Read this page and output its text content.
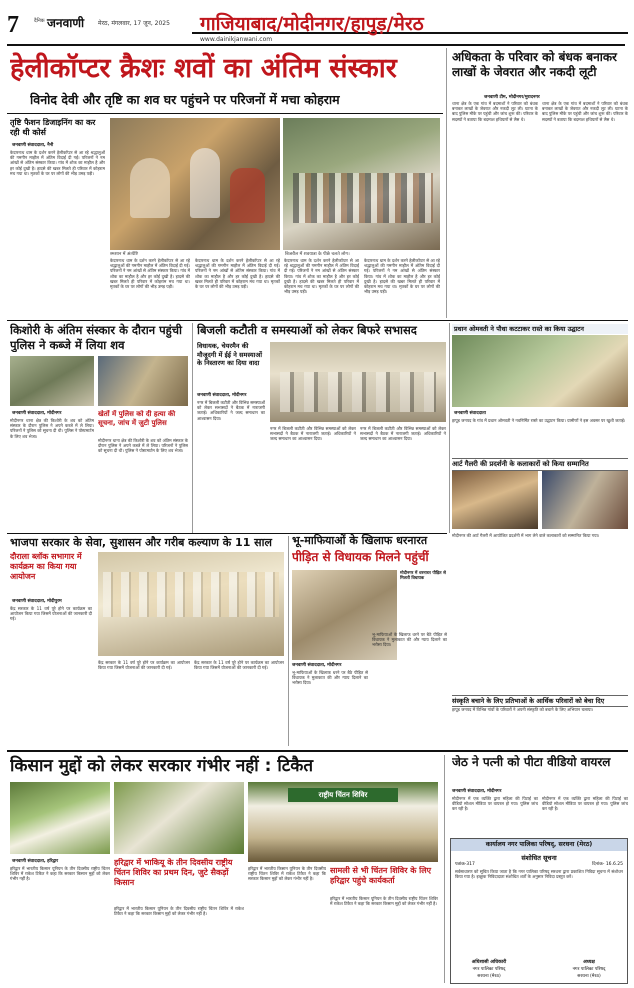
7	दैनिक जनवाणी मेरठ, मंगलवार, 17 जून, 2025 गाजियाबाद/मोदीनगर/हापुड़/मेरठ
www.dainikjanwani.com
हेलीकॉप्टर क्रैशः शवों का अंतिम संस्कार
विनोद देवी और तृष्टि का शव घर पहुंचने पर परिजनों में मचा कोहराम
तृष्टि फैशन डिजाइनिंग का कर रही थी कोर्स
जनवाणी संवाददाता, नैनी
केदारनाथ धाम के दर्शन करने हेलीकॉप्टर से आ रहे श्रद्धालुओं की गमगीन माहौल में अंतिम विदाई दी गई। परिजनों ने नम आंखों से अंतिम संस्कार किया। गांव में शोक का माहौल है और हर कोई दुखी है। हादसे की खबर मिलते ही परिवार में कोहराम मच गया था। मृतकों के घर पर लोगों की भीड़ उमड़ पड़ी।
श्मशान में अंत्येष्टि	बिजरौल में शवयात्रा के पीछे चलते लोग।
केदारनाथ धाम के दर्शन करने हेलीकॉप्टर से आ रहे श्रद्धालुओं की गमगीन माहौल में अंतिम विदाई दी गई। परिजनों ने नम आंखों से अंतिम संस्कार किया। गांव में शोक का माहौल है और हर कोई दुखी है। हादसे की खबर मिलते ही परिवार में कोहराम मच गया था। मृतकों के घर पर लोगों की भीड़ उमड़ पड़ी।
केदारनाथ धाम के दर्शन करने हेलीकॉप्टर से आ रहे श्रद्धालुओं की गमगीन माहौल में अंतिम विदाई दी गई। परिजनों ने नम आंखों से अंतिम संस्कार किया। गांव में शोक का माहौल है और हर कोई दुखी है। हादसे की खबर मिलते ही परिवार में कोहराम मच गया था। मृतकों के घर पर लोगों की भीड़ उमड़ पड़ी।
केदारनाथ धाम के दर्शन करने हेलीकॉप्टर से आ रहे श्रद्धालुओं की गमगीन माहौल में अंतिम विदाई दी गई। परिजनों ने नम आंखों से अंतिम संस्कार किया। गांव में शोक का माहौल है और हर कोई दुखी है। हादसे की खबर मिलते ही परिवार में कोहराम मच गया था। मृतकों के घर पर लोगों की भीड़ उमड़ पड़ी।
केदारनाथ धाम के दर्शन करने हेलीकॉप्टर से आ रहे श्रद्धालुओं की गमगीन माहौल में अंतिम विदाई दी गई। परिजनों ने नम आंखों से अंतिम संस्कार किया। गांव में शोक का माहौल है और हर कोई दुखी है। हादसे की खबर मिलते ही परिवार में कोहराम मच गया था। मृतकों के घर पर लोगों की भीड़ उमड़ पड़ी।
अधिकता के परिवार को बंधक बनाकर लाखों के जेवरात और नकदी लूटी
जनवाणी टीम, मोदीनगर/मुरादनगर
थाना क्षेत्र के एक गांव में बदमाशों ने परिवार को बंधक बनाकर लाखों के जेवरात और नकदी लूट ली। घटना के बाद पुलिस मौके पर पहुंची और जांच शुरू की। परिवार के सदस्यों ने बताया कि बदमाश हथियारों से लैस थे।
थाना क्षेत्र के एक गांव में बदमाशों ने परिवार को बंधक बनाकर लाखों के जेवरात और नकदी लूट ली। घटना के बाद पुलिस मौके पर पहुंची और जांच शुरू की। परिवार के सदस्यों ने बताया कि बदमाश हथियारों से लैस थे।
किशोरी के अंतिम संस्कार के दौरान पहुंची पुलिस ने कब्जे में लिया शव
जनवाणी संवाददाता, मोदीनगर
मोदीनगर थाना क्षेत्र की किशोरी के शव को अंतिम संस्कार के दौरान पुलिस ने अपने कब्जे में ले लिया। परिजनों ने पुलिस को सूचना दी थी। पुलिस ने पोस्टमार्टम के लिए शव भेजा।
खेतों में पुलिस को दी हत्या की सूचना, जांच में जुटी पुलिस
मोदीनगर थाना क्षेत्र की किशोरी के शव को अंतिम संस्कार के दौरान पुलिस ने अपने कब्जे में ले लिया। परिजनों ने पुलिस को सूचना दी थी। पुलिस ने पोस्टमार्टम के लिए शव भेजा।
बिजली कटौती व समस्याओं को लेकर बिफरे सभासद
विधायक, चेयरमैन की मौजूदगी में ईई ने समस्याओं के निस्तारण का दिया वादा
जनवाणी संवाददाता, मोदीनगर
नगर में बिजली कटौती और विभिन्न समस्याओं को लेकर सभासदों ने बैठक में नाराजगी जताई। अधिकारियों ने जल्द समाधान का आश्वासन दिया।
नगर में बिजली कटौती और विभिन्न समस्याओं को लेकर सभासदों ने बैठक में नाराजगी जताई। अधिकारियों ने जल्द समाधान का आश्वासन दिया।
नगर में बिजली कटौती और विभिन्न समस्याओं को लेकर सभासदों ने बैठक में नाराजगी जताई। अधिकारियों ने जल्द समाधान का आश्वासन दिया।
प्रधान ओमवती ने पौधा कटटाकर रास्ते का किया उद्घाटन
जनवाणी संवाददाता
हापुड़ जनपद के गांव में प्रधान ओमवती ने नवनिर्मित रास्ते का उद्घाटन किया। ग्रामीणों ने इस अवसर पर खुशी जताई।
आर्ट गैलरी की प्रदर्शनी के कलाकारों को किया सम्मानित
भाजपा सरकार के सेवा, सुशासन और गरीब कल्याण के 11 साल
दौराला ब्लॉक सभागार में कार्यक्रम का किया गया आयोजन
जनवाणी संवाददाता, मोदीपुरम
केंद्र सरकार के 11 वर्ष पूरे होने पर कार्यक्रम का आयोजन किया गया जिसमें योजनाओं की जानकारी दी गई।
केंद्र सरकार के 11 वर्ष पूरे होने पर कार्यक्रम का आयोजन किया गया जिसमें योजनाओं की जानकारी दी गई।
केंद्र सरकार के 11 वर्ष पूरे होने पर कार्यक्रम का आयोजन किया गया जिसमें योजनाओं की जानकारी दी गई।
भू-माफियाओं के खिलाफ धरनारत
पीड़ित से विधायक मिलने पहुंचीं
मोदीनगर में धरनारत पीड़ित से मिलती विधायक
जनवाणी संवाददाता, मोदीनगर
भू-माफियाओं के खिलाफ धरने पर बैठे पीड़ित से विधायक ने मुलाकात की और न्याय दिलाने का भरोसा दिया।
भू-माफियाओं के खिलाफ धरने पर बैठे पीड़ित से विधायक ने मुलाकात की और न्याय दिलाने का भरोसा दिया।
मोदीनगर की आर्ट गैलरी में आयोजित प्रदर्शनी में भाग लेने वाले कलाकारों को सम्मानित किया गया।
संस्कृति बचाने के लिए प्रतिभाओं के आर्थिक परिवारों को बेचा दिए
हापुड़ जनपद में विभिन्न गांवों के परिवारों ने अपनी संस्कृति को बचाने के लिए अभियान चलाया।
किसान मुद्दों को लेकर सरकार गंभीर नहीं : टिकैत
जनवाणी संवाददाता, हरिद्वार
हरिद्वार में भारतीय किसान यूनियन के तीन दिवसीय राष्ट्रीय चिंतन शिविर में राकेश टिकैत ने कहा कि सरकार किसान मुद्दों को लेकर गंभीर नहीं है।
हरिद्वार में भाकियू के तीन दिवसीय राष्ट्रीय चिंतन शिविर का प्रथम दिन, जुटे सैकड़ों किसान
हरिद्वार में भारतीय किसान यूनियन के तीन दिवसीय राष्ट्रीय चिंतन शिविर में राकेश टिकैत ने कहा कि सरकार किसान मुद्दों को लेकर गंभीर नहीं है।
राष्ट्रीय चिंतन शिविर
हरिद्वार में भारतीय किसान यूनियन के तीन दिवसीय राष्ट्रीय चिंतन शिविर में राकेश टिकैत ने कहा कि सरकार किसान मुद्दों को लेकर गंभीर नहीं है।
सामली से भी चिंतन शिविर के लिए हरिद्वार पहुंचे कार्यकर्ता
हरिद्वार में भारतीय किसान यूनियन के तीन दिवसीय राष्ट्रीय चिंतन शिविर में राकेश टिकैत ने कहा कि सरकार किसान मुद्दों को लेकर गंभीर नहीं है।
जेठ ने पत्नी को पीटा वीडियो वायरल
जनवाणी संवाददाता, मोदीनगर
मोदीनगर में एक व्यक्ति द्वारा महिला की पिटाई का वीडियो सोशल मीडिया पर वायरल हो गया। पुलिस जांच कर रही है।
मोदीनगर में एक व्यक्ति द्वारा महिला की पिटाई का वीडियो सोशल मीडिया पर वायरल हो गया। पुलिस जांच कर रही है।
कार्यालय नगर पालिका परिषद्, सरधना (मेरठ)
संशोधित सूचना
पत्रांक-317	दिनांक- 16.6.25
सर्वसाधारण को सूचित किया जाता है कि नगर पालिका परिषद् सरधना द्वारा प्रकाशित निविदा सूचना में संशोधन किया गया है। इच्छुक निविदादाता संशोधित शर्तों के अनुसार निविदा प्रस्तुत करें।
अधिशासी अधिकारी
नगर पालिका परिषद्
सरधना (मेरठ)
अध्यक्ष
नगर पालिका परिषद्
सरधना (मेरठ)
